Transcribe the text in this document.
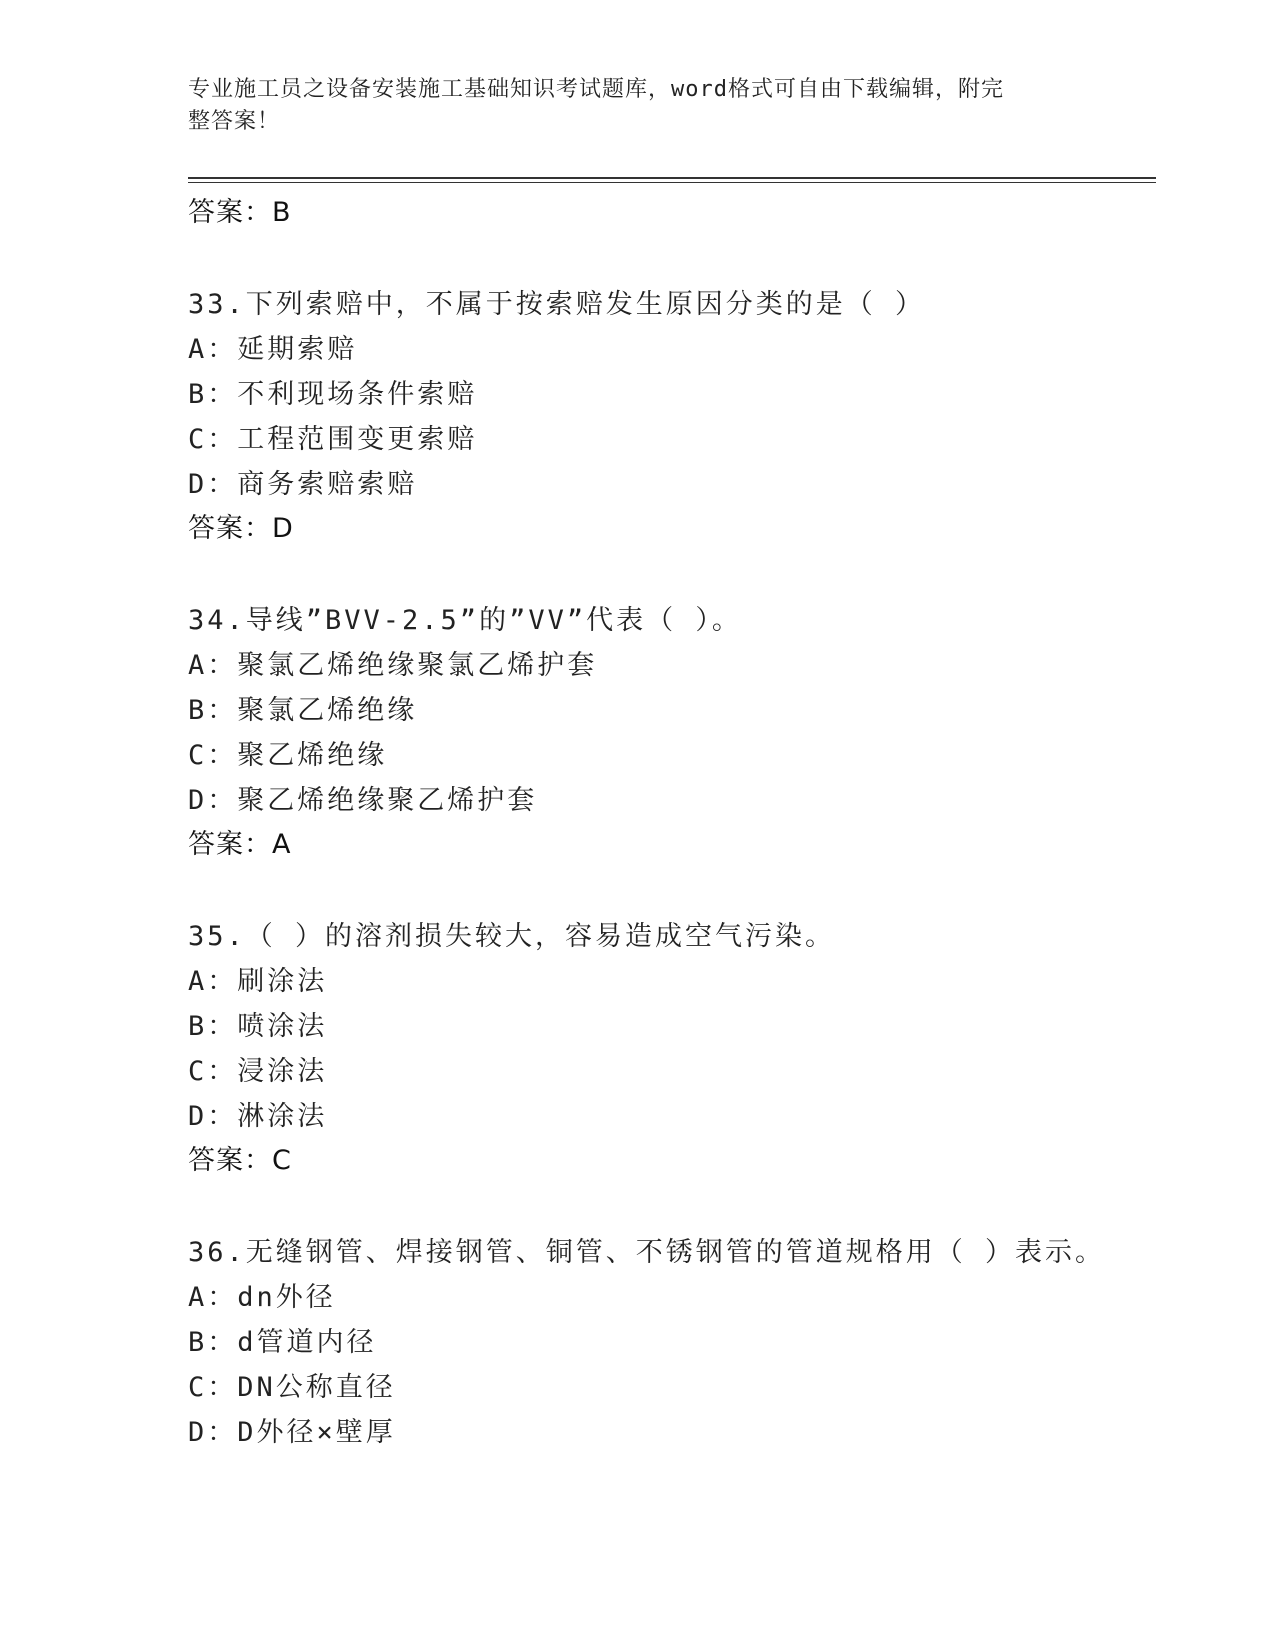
专业施工员之设备安装施工基础知识考试题库，word格式可自由下载编辑，附完
整答案！
答案：B
33.下列索赔中，不属于按索赔发生原因分类的是（ ）
A：延期索赔
B：不利现场条件索赔
C：工程范围变更索赔
D：商务索赔索赔
答案：D
34.导线”BVV-2.5”的”VV”代表（ ）。
A：聚氯乙烯绝缘聚氯乙烯护套
B：聚氯乙烯绝缘
C：聚乙烯绝缘
D：聚乙烯绝缘聚乙烯护套
答案：A
35.（ ）的溶剂损失较大，容易造成空气污染。
A：刷涂法
B：喷涂法
C：浸涂法
D：淋涂法
答案：C
36.无缝钢管、焊接钢管、铜管、不锈钢管的管道规格用（ ）表示。
A：dn外径
B：d管道内径
C：DN公称直径
D：D外径×壁厚
